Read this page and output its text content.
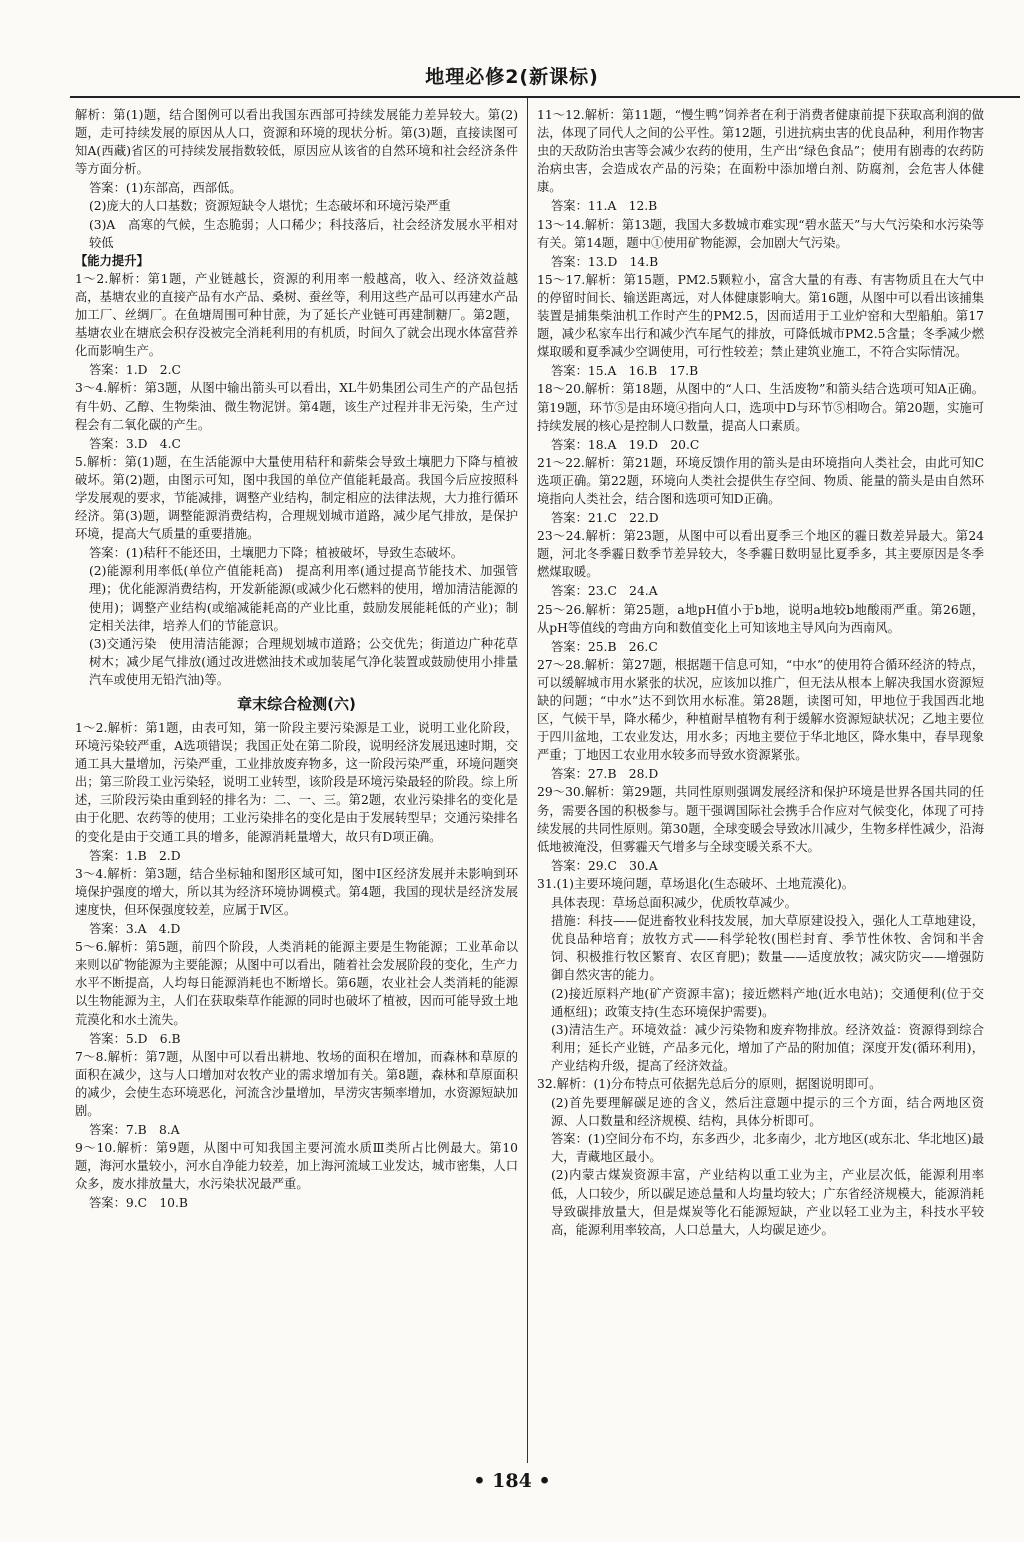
地理必修2(新课标)

解析：第(1)题，结合图例可以看出我国东西部可持续发展能力差异较大。第(2)题，走可持续发展的原因从人口，资源和环境的现状分析。第(3)题，直接读图可知A(西藏)省区的可持续发展指数较低，原因应从该省的自然环境和社会经济条件等方面分析。

答案：(1)东部高，西部低。

(2)庞大的人口基数；资源短缺令人堪忧；生态破坏和环境污染严重

(3)A　高寒的气候，生态脆弱；人口稀少；科技落后，社会经济发展水平相对较低

【能力提升】

1～2.解析：第1题，产业链越长，资源的利用率一般越高，收入、经济效益越高，基塘农业的直接产品有水产品、桑树、蚕丝等，利用这些产品可以再建水产品加工厂、丝绸厂。在鱼塘周围可种甘蔗，为了延长产业链可再建制糖厂。第2题，基塘农业在塘底会积存没被完全消耗利用的有机质，时间久了就会出现水体富营养化而影响生产。

答案：1.D　2.C

3～4.解析：第3题，从图中输出箭头可以看出，XL牛奶集团公司生产的产品包括有牛奶、乙醇、生物柴油、微生物泥饼。第4题，该生产过程并非无污染，生产过程会有二氧化碳的产生。

答案：3.D　4.C

5.解析：第(1)题，在生活能源中大量使用秸秆和薪柴会导致土壤肥力下降与植被破坏。第(2)题，由图示可知，图中我国的单位产值能耗最高。我国今后应按照科学发展观的要求，节能减排，调整产业结构，制定相应的法律法规，大力推行循环经济。第(3)题，调整能源消费结构，合理规划城市道路，减少尾气排放，是保护环境，提高大气质量的重要措施。

答案：(1)秸秆不能还田，土壤肥力下降；植被破坏，导致生态破坏。

(2)能源利用率低(单位产值能耗高)　提高利用率(通过提高节能技术、加强管理)；优化能源消费结构，开发新能源(或减少化石燃料的使用，增加清洁能源的使用)；调整产业结构(或缩减能耗高的产业比重，鼓励发展能耗低的产业)；制定相关法律，培养人们的节能意识。

(3)交通污染　使用清洁能源；合理规划城市道路；公交优先；街道边广种花草树木；减少尾气排放(通过改进燃油技术或加装尾气净化装置或鼓励使用小排量汽车或使用无铅汽油)等。

章末综合检测(六)

1～2.解析：第1题，由表可知，第一阶段主要污染源是工业，说明工业化阶段，环境污染较严重，A选项错误；我国正处在第二阶段，说明经济发展迅速时期，交通工具大量增加，污染严重，工业排放废弃物多，这一阶段污染严重，环境问题突出；第三阶段工业污染轻，说明工业转型，该阶段是环境污染最轻的阶段。综上所述，三阶段污染由重到轻的排名为：二、一、三。第2题，农业污染排名的变化是由于化肥、农药等的使用；工业污染排名的变化是由于发展转型早；交通污染排名的变化是由于交通工具的增多，能源消耗量增大，故只有D项正确。

答案：1.B　2.D

3～4.解析：第3题，结合坐标轴和图形区域可知，图中Ⅰ区经济发展并未影响到环境保护强度的增大，所以其为经济环境协调模式。第4题，我国的现状是经济发展速度快，但环保强度较差，应属于Ⅳ区。

答案：3.A　4.D

5～6.解析：第5题，前四个阶段，人类消耗的能源主要是生物能源；工业革命以来则以矿物能源为主要能源；从图中可以看出，随着社会发展阶段的变化，生产力水平不断提高，人均每日能源消耗也不断增长。第6题，农业社会人类消耗的能源以生物能源为主，人们在获取柴草作能源的同时也破坏了植被，因而可能导致土地荒漠化和水土流失。

答案：5.D　6.B

7～8.解析：第7题，从图中可以看出耕地、牧场的面积在增加，而森林和草原的面积在减少，这与人口增加对农牧产业的需求增加有关。第8题，森林和草原面积的减少，会使生态环境恶化，河流含沙量增加，旱涝灾害频率增加，水资源短缺加剧。

答案：7.B　8.A

9～10.解析：第9题，从图中可知我国主要河流水质Ⅲ类所占比例最大。第10题，海河水量较小，河水自净能力较差，加上海河流域工业发达，城市密集，人口众多，废水排放量大，水污染状况最严重。

答案：9.C　10.B

11～12.解析：第11题，“慢生鸭”饲养者在利于消费者健康前提下获取高利润的做法，体现了同代人之间的公平性。第12题，引进抗病虫害的优良品种，利用作物害虫的天敌防治虫害等会减少农药的使用，生产出“绿色食品”；使用有剧毒的农药防治病虫害，会造成农产品的污染；在面粉中添加增白剂、防腐剂，会危害人体健康。

答案：11.A　12.B

13～14.解析：第13题，我国大多数城市难实现“碧水蓝天”与大气污染和水污染等有关。第14题，题中①使用矿物能源，会加剧大气污染。

答案：13.D　14.B

15～17.解析：第15题，PM2.5颗粒小，富含大量的有毒、有害物质且在大气中的停留时间长、输送距离远，对人体健康影响大。第16题，从图中可以看出该捕集装置是捕集柴油机工作时产生的PM2.5，因而适用于工业炉窑和大型船舶。第17题，减少私家车出行和减少汽车尾气的排放，可降低城市PM2.5含量；冬季减少燃煤取暖和夏季减少空调使用，可行性较差；禁止建筑业施工，不符合实际情况。

答案：15.A　16.B　17.B

18～20.解析：第18题，从图中的“人口、生活废物”和箭头结合选项可知A正确。第19题，环节⑤是由环境④指向人口，选项中D与环节⑤相吻合。第20题，实施可持续发展的核心是控制人口数量，提高人口素质。

答案：18.A　19.D　20.C

21～22.解析：第21题，环境反馈作用的箭头是由环境指向人类社会，由此可知C选项正确。第22题，环境向人类社会提供生存空间、物质、能量的箭头是由自然环境指向人类社会，结合图和选项可知D正确。

答案：21.C　22.D

23～24.解析：第23题，从图中可以看出夏季三个地区的霾日数差异最大。第24题，河北冬季霾日数季节差异较大，冬季霾日数明显比夏季多，其主要原因是冬季燃煤取暖。

答案：23.C　24.A

25～26.解析：第25题，a地pH值小于b地，说明a地较b地酸雨严重。第26题，从pH等值线的弯曲方向和数值变化上可知该地主导风向为西南风。

答案：25.B　26.C

27～28.解析：第27题，根据题干信息可知，“中水”的使用符合循环经济的特点，可以缓解城市用水紧张的状况，应该加以推广，但无法从根本上解决我国水资源短缺的问题；“中水”达不到饮用水标准。第28题，读图可知，甲地位于我国西北地区，气候干旱，降水稀少，种植耐旱植物有利于缓解水资源短缺状况；乙地主要位于四川盆地，工农业发达，用水多；丙地主要位于华北地区，降水集中，春旱现象严重；丁地因工农业用水较多而导致水资源紧张。

答案：27.B　28.D

29～30.解析：第29题，共同性原则强调发展经济和保护环境是世界各国共同的任务，需要各国的积极参与。题干强调国际社会携手合作应对气候变化，体现了可持续发展的共同性原则。第30题，全球变暖会导致冰川减少，生物多样性减少，沿海低地被淹没，但雾霾天气增多与全球变暖关系不大。

答案：29.C　30.A

31.(1)主要环境问题，草场退化(生态破坏、土地荒漠化)。

具体表现：草场总面积减少，优质牧草减少。

措施：科技——促进畜牧业科技发展，加大草原建设投入，强化人工草地建设，优良品种培育；放牧方式——科学轮牧(围栏封育、季节性休牧、舍饲和半舍饲、积极推行牧区繁育、农区育肥)；数量——适度放牧；减灾防灾——增强防御自然灾害的能力。

(2)接近原料产地(矿产资源丰富)；接近燃料产地(近水电站)；交通便利(位于交通枢纽)；政策支持(生态环境保护需要)。

(3)清洁生产。环境效益：减少污染物和废弃物排放。经济效益：资源得到综合利用；延长产业链，产品多元化，增加了产品的附加值；深度开发(循环利用)，产业结构升级，提高了经济效益。

32.解析：(1)分布特点可依据先总后分的原则，据图说明即可。

(2)首先要理解碳足迹的含义，然后注意题中提示的三个方面，结合两地区资源、人口数量和经济规模、结构，具体分析即可。

答案：(1)空间分布不均，东多西少，北多南少，北方地区(或东北、华北地区)最大，青藏地区最小。

(2)内蒙古煤炭资源丰富，产业结构以重工业为主，产业层次低，能源利用率低，人口较少，所以碳足迹总量和人均量均较大；广东省经济规模大，能源消耗导致碳排放量大，但是煤炭等化石能源短缺，产业以轻工业为主，科技水平较高，能源利用率较高，人口总量大，人均碳足迹少。

• 184 •
